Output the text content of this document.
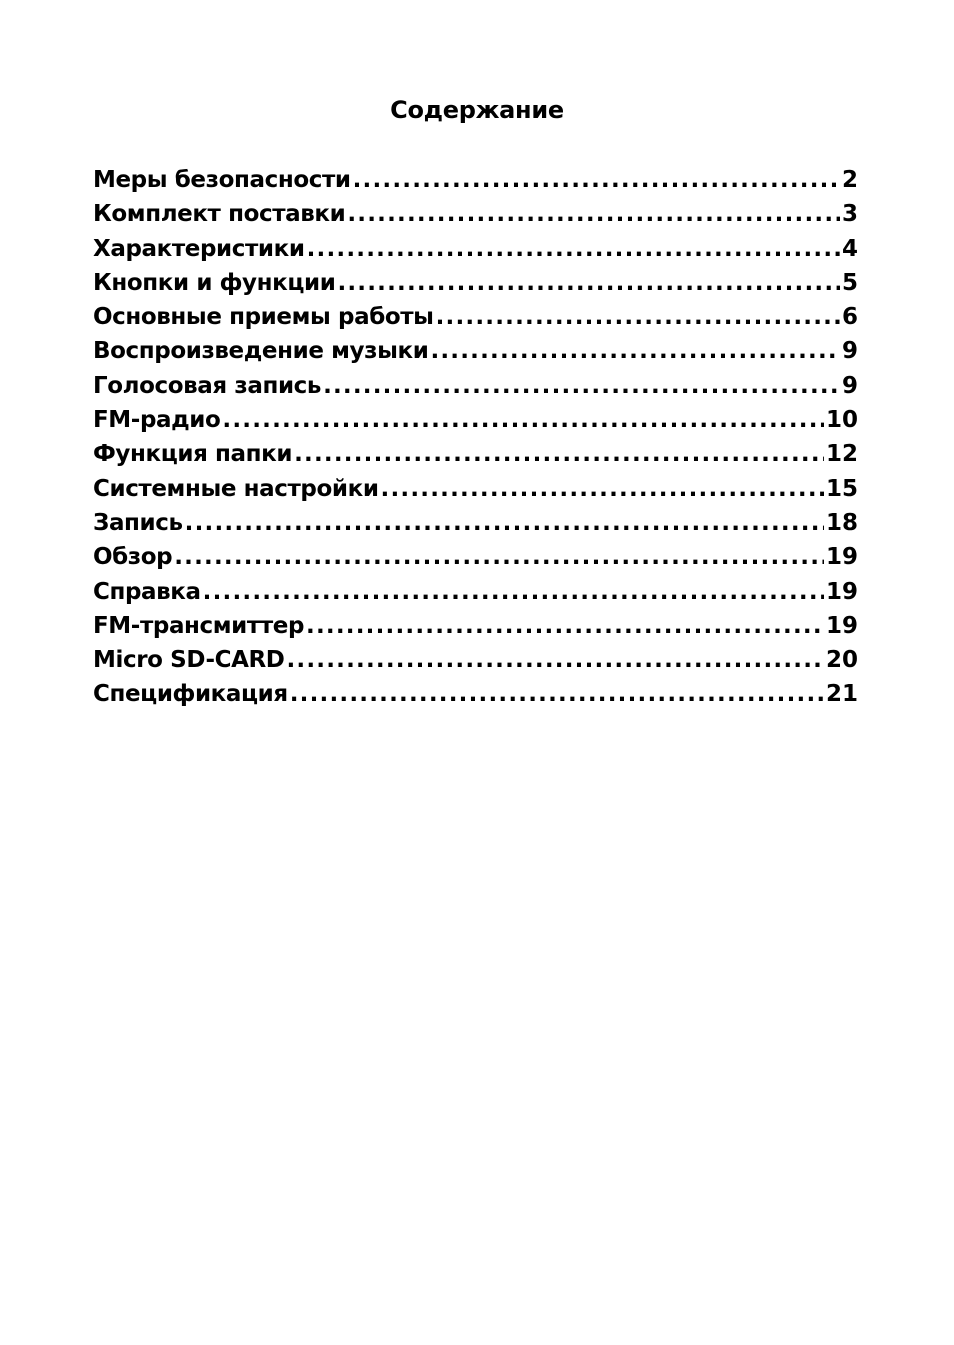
Содержание
Меры безопасности .....	2
Комплект поставки .....	3
Характеристики .....	4
Кнопки и функции .....	5
Основные приемы работы .....	6
Воспроизведение музыки .....	9
Голосовая запись .....	9
FM-радио .....	10
Функция папки .....	12
Системные настройки .....	15
Запись .....	18
Обзор .....	19
Справка .....	19
FM-трансмиттер .....	19
Micro SD-CARD .....	20
Спецификация .....	21
